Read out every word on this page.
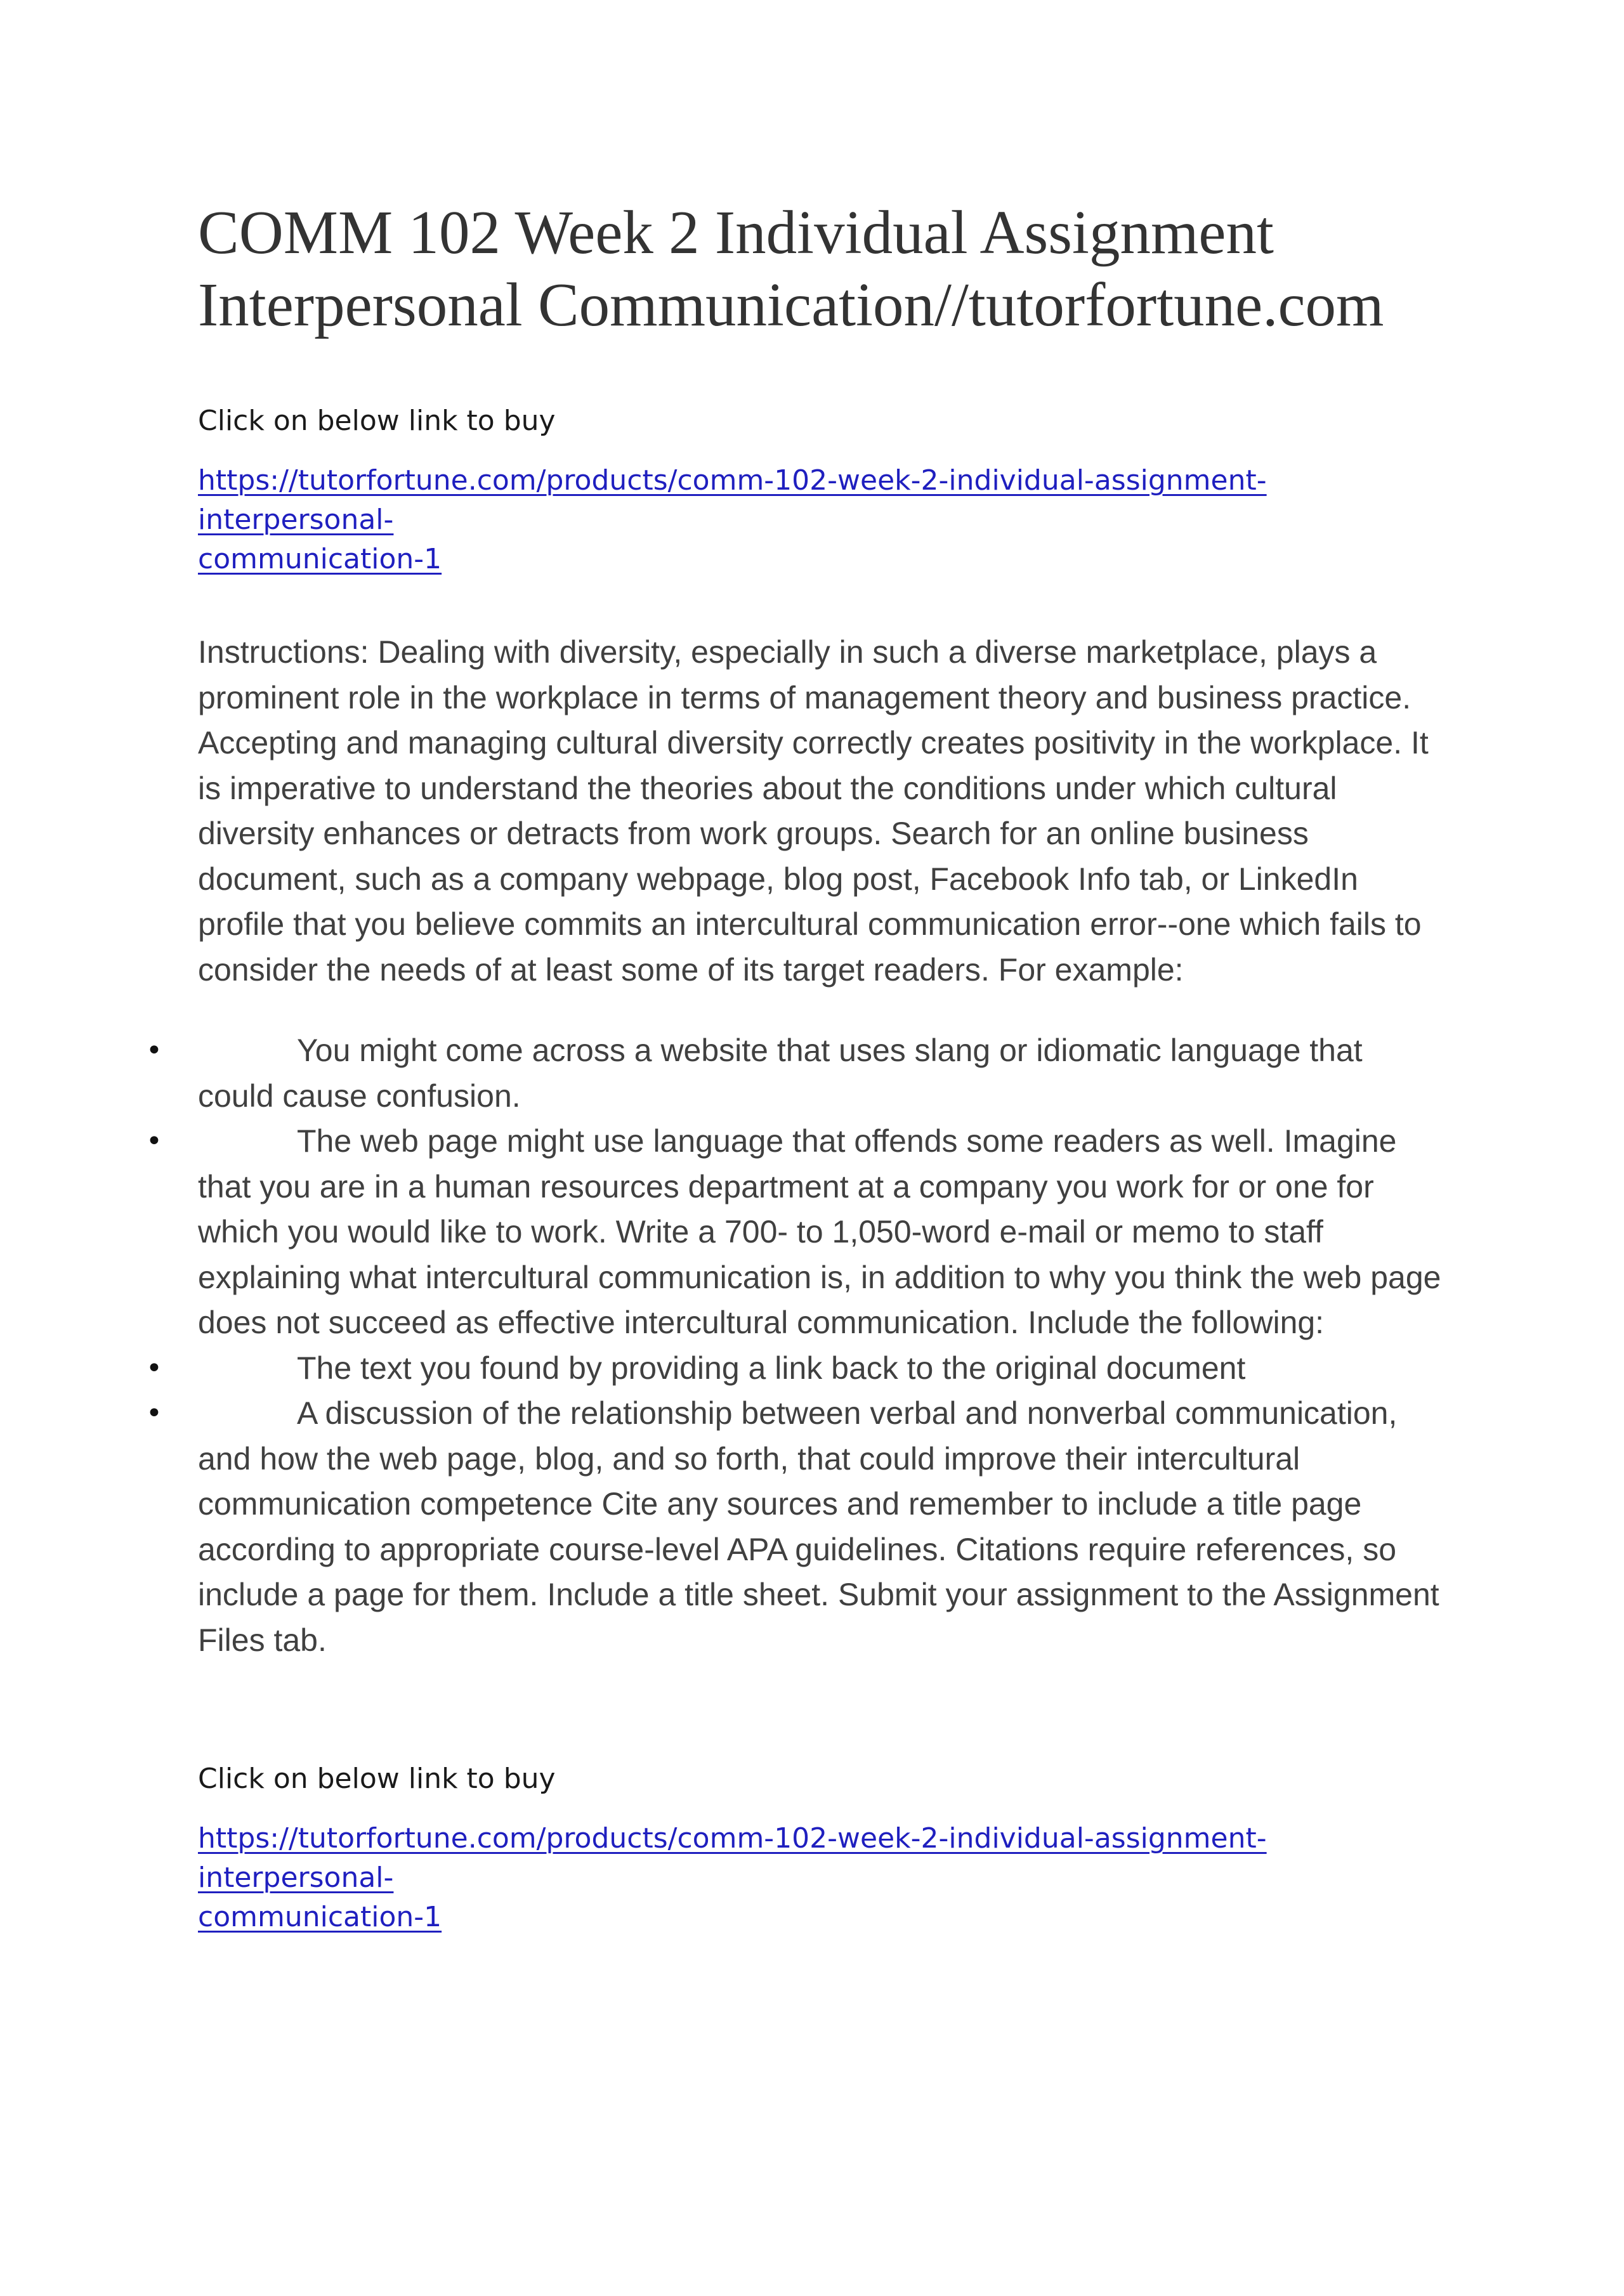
COMM 102 Week 2 Individual Assignment
Interpersonal Communication//tutorfortune.com

Click on below link to buy

https://tutorfortune.com/products/comm-102-week-2-individual-assignment-interpersonal-
communication-1

Instructions: Dealing with diversity, especially in such a diverse marketplace, plays a
prominent role in the workplace in terms of management theory and business practice.
Accepting and managing cultural diversity correctly creates positivity in the workplace. It
is imperative to understand the theories about the conditions under which cultural
diversity enhances or detracts from work groups. Search for an online business
document, such as a company webpage, blog post, Facebook Info tab, or LinkedIn
profile that you believe commits an intercultural communication error--one which fails to
consider the needs of at least some of its target readers. For example:

•	You might come across a website that uses slang or idiomatic language that
could cause confusion.

•	The web page might use language that offends some readers as well. Imagine
that you are in a human resources department at a company you work for or one for
which you would like to work. Write a 700- to 1,050-word e-mail or memo to staff
explaining what intercultural communication is, in addition to why you think the web page
does not succeed as effective intercultural communication. Include the following:

•	The text you found by providing a link back to the original document

•	A discussion of the relationship between verbal and nonverbal communication,
and how the web page, blog, and so forth, that could improve their intercultural
communication competence Cite any sources and remember to include a title page
according to appropriate course-level APA guidelines. Citations require references, so
include a page for them. Include a title sheet. Submit your assignment to the Assignment
Files tab.

Click on below link to buy

https://tutorfortune.com/products/comm-102-week-2-individual-assignment-interpersonal-
communication-1
